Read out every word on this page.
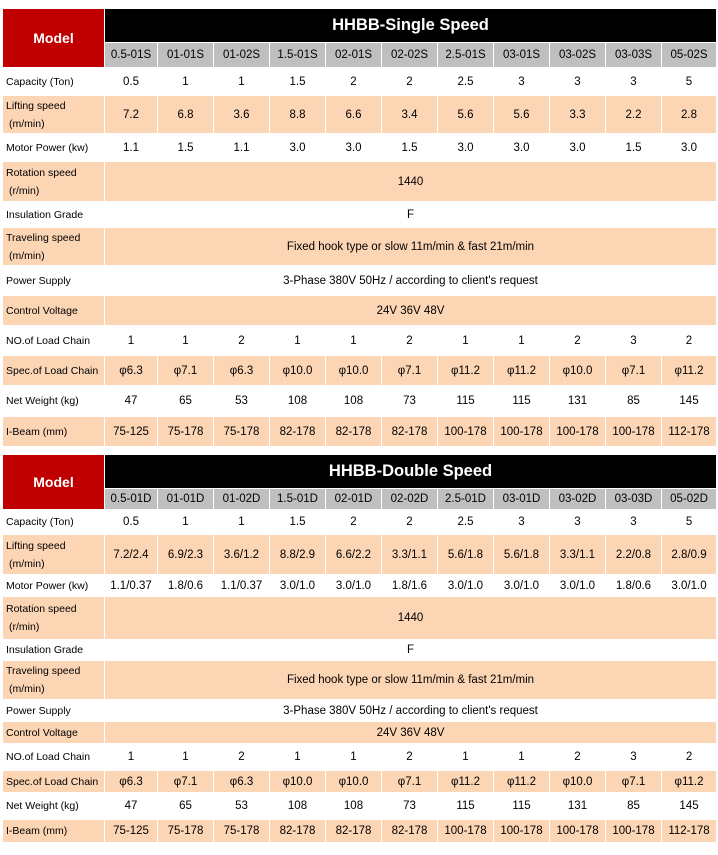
Model	HHBB-Single Speed										
	0.5-01S	01-01S	01-02S	1.5-01S	02-01S	02-02S	2.5-01S	03-01S	03-02S	03-03S	05-02S

Capacity (Ton)	0.5	1	1	1.5	2	2	2.5	3	3	3	5

Lifting speed
(m/min)	7.2	6.8	3.6	8.8	6.6	3.4	5.6	5.6	3.3	2.2	2.8

Motor Power (kw)	1.1	1.5	1.1	3.0	3.0	1.5	3.0	3.0	3.0	1.5	3.0

Rotation speed
(r/min)	1440										

Insulation Grade	F										

Traveling speed
(m/min)	Fixed hook type or slow 11m/min & fast 21m/min										

Power Supply	3-Phase 380V 50Hz / according to client's request										

Control Voltage	24V 36V 48V										

NO.of Load Chain	1	1	2	1	1	2	1	1	2	3	2

Spec.of Load Chain	φ6.3	φ7.1	φ6.3	φ10.0	φ10.0	φ7.1	φ11.2	φ11.2	φ10.0	φ7.1	φ11.2

Net Weight (kg)	47	65	53	108	108	73	115	115	131	85	145

I-Beam (mm)	75-125	75-178	75-178	82-178	82-178	82-178	100-178	100-178	100-178	100-178	112-178
Model	HHBB-Double Speed										
	0.5-01D	01-01D	01-02D	1.5-01D	02-01D	02-02D	2.5-01D	03-01D	03-02D	03-03D	05-02D

Capacity (Ton)	0.5	1	1	1.5	2	2	2.5	3	3	3	5

Lifting speed
(m/min)	7.2/2.4	6.9/2.3	3.6/1.2	8.8/2.9	6.6/2.2	3.3/1.1	5.6/1.8	5.6/1.8	3.3/1.1	2.2/0.8	2.8/0.9

Motor Power (kw)	1.1/0.37	1.8/0.6	1.1/0.37	3.0/1.0	3.0/1.0	1.8/1.6	3.0/1.0	3.0/1.0	3.0/1.0	1.8/0.6	3.0/1.0

Rotation speed
(r/min)	1440										

Insulation Grade	F										

Traveling speed
(m/min)	Fixed hook type or slow 11m/min & fast 21m/min										

Power Supply	3-Phase 380V 50Hz / according to client's request										

Control Voltage	24V 36V 48V										

NO.of Load Chain	1	1	2	1	1	2	1	1	2	3	2

Spec.of Load Chain	φ6.3	φ7.1	φ6.3	φ10.0	φ10.0	φ7.1	φ11.2	φ11.2	φ10.0	φ7.1	φ11.2

Net Weight (kg)	47	65	53	108	108	73	115	115	131	85	145

I-Beam (mm)	75-125	75-178	75-178	82-178	82-178	82-178	100-178	100-178	100-178	100-178	112-178
